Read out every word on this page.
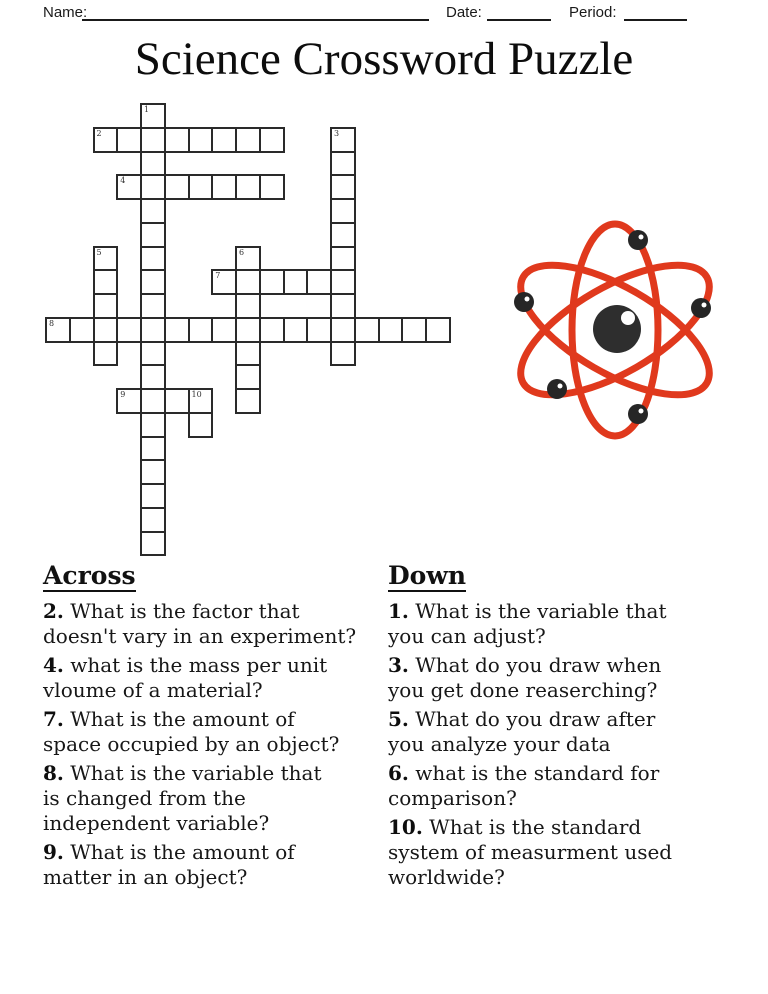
Name:	Date:	Period:
Science Crossword Puzzle
1
2	3
4
5	6
7
8
9	10
Across
2. What is the factor that
doesn't vary in an experiment?
4. what is the mass per unit
vloume of a material?
7. What is the amount of
space occupied by an object?
8. What is the variable that
is changed from the
independent variable?
9. What is the amount of
matter in an object?
Down
1. What is the variable that
you can adjust?
3. What do you draw when
you get done reaserching?
5. What do you draw after
you analyze your data
6. what is the standard for
comparison?
10. What is the standard
system of measurment used
worldwide?
